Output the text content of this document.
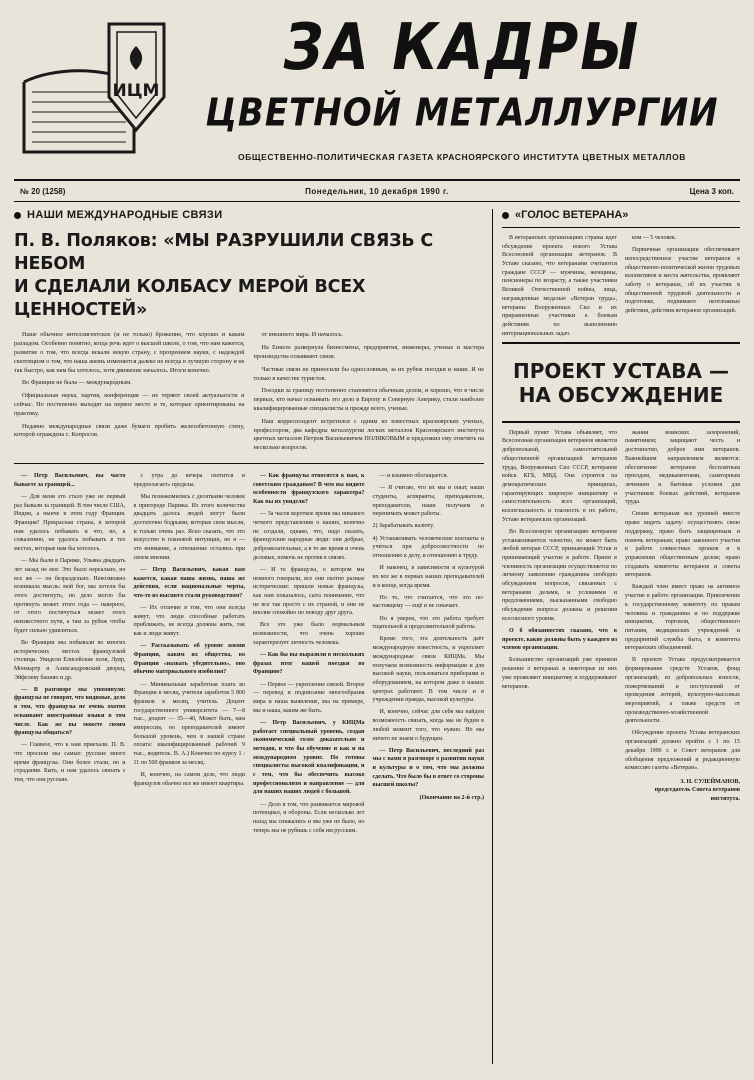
ИЦМ
ЗА КАДРЫ
ЦВЕТНОЙ МЕТАЛЛУРГИИ
ОБЩЕСТВЕННО-ПОЛИТИЧЕСКАЯ ГАЗЕТА КРАСНОЯРСКОГО ИНСТИТУТА ЦВЕТНЫХ МЕТАЛЛОВ
№ 20 (1258)	Понедельник, 10 декабря 1990 г.	Цена 3 коп.
НАШИ МЕЖДУНАРОДНЫЕ СВЯЗИ
П. В. Поляков: «МЫ РАЗРУШИЛИ СВЯЗЬ С НЕБОМ
И СДЕЛАЛИ КОЛБАСУ МЕРОЙ ВСЕХ ЦЕННОСТЕЙ»

Наше обычное интеллигентское (и не только) брожение, что хорошо и каким разладом. Особенно понятно, когда речь идет о высшей школе, о том, что нам кажется, развитие о том, что всегда искали некую страну, с прозрением науки, с надеждой скептицизм о том, что наша жизнь изменяется далеко не всегда в лучшую сторону и не так быстро, как нам бы хотелось, хотя движение началось. Итоги конечно.

Во Франции не была — междунаро́дным.

Официальная наука, партия, конференция — не теряют своей актуальности и сейчас. Но постепенно выходят на первое место и те, которые ориентированы на практику.

Недавно международные связи даже бумаги пробить железобетонную стену, которой ограждена с. Копросов.

от внешнего мира. И началось.

На Енисее развернула бизнесмены, предприятия, инженеры, ученые и мастера производства осваивают связи.

Частные связи не приносили бы однословным, за их рубеж поездки и наши. И не только в качестве туристов.

Поездки за границу постепенно становятся обычным делом, и хорошо, что в числе первых, кто начал осваивать это дело в Европу и Северную Америку, стали наиболее квалифицированные специалисты и прежде всего, ученые.

Наш корреспондент встретился с одним из известных красноярских ученых, профессором, два кафедры металлургии легких металлов Красноярского института цветных металлов Петром Васильевичем ПОЛЯКОВЫМ и предложил ему ответить на несколько вопросов.

— Петр Васильевич, вы часто бываете за границей...

— Для меня это стало уже не первый раз бывали за границей. В том числе США, Индии, а нынче в этом году Франция. Франция? Прекрасная страна, в которой нам удалось побывать и что, но, к сожалению, не удалось побывать в тех местах, которые нам бы хотелось.

— Мы были в Париже, Ульяна двадцать лет назад не мог. Это было нереально, но все же — он безраздельно. Невозможно возникала мысль: мой бог, мы хотели бы этого достигнуть, но дело могло бы протянуть может этого года — наверное, от этого постичуться может этого неизвестного пути, а там за рубеж чтобы будет сильно удивляться.

Во Франции мы побывали во многих исторических местах французской столицы. Увидели Елисейские поля, Лувр, Монмартр и Александровский дворец, Эйфелеву башню и др.

— В разговоре мы упомянули: французы не говорят, что видимые, дело в том, что французы не очень охотно осваивают иностранные языки в том числе. Как же вы можете своим французы общаться?

— Главное, что к нам приехали. П. В. что просили мы самые: русские много время французы. Они более стали, но и страдания. Быть, и нам удалось связать с тем, что они русские.

с утра до вечера охотится и предполагает» пределы.

Мы познакомились с десятками человек в пригороде Парижа. Из этого количества двадцать далось людей могут были достаточно бодрыми, которые свои мысли, и только очень раз. Ясно сказать, что это искусство в плановой интуиции, но я — это внимание, а отношение остались при своем мнении.

— Петр Васильевич, какая вам кажется, какая наша жизнь, наша же действия, если национальные черты, что-то из высшего стали руководством?

— Их отличие в том, что они всегда живут, что люди способные работать приближать, не всегда должны жить, так как и люди живут.

— Рассказывать об уровне жизни Франции, каким их общества, во Франции «назвать убедительно», оно обычно материального изобилия?

— Минимальная заработная плата во Франции в месяц, учителя заработок 5 800 франков в месяц, учитель. Доцент государственного университета — 7—8 тыс., доцент — 35—40, Может быть, нам импрессия, но преподавателей имеют большой уровень, чем в нашей стране оплата: квалифицированный рабочий 9 тыс., водитель. В. А.) Конечно по курсу 1 : 11 по 500 франков за месяц.

И, конечно, на самом деле, что люди французов обычно все же имеют квартиры.

— Как французы относятся к нам, к советским гражданам? В чем вы видите особенности французского характера? Как вы их увидели?

— За часов короткое время мы никакого четкого представления о наших, конечно не создали, однако, что, надо сказать, французские народные люди: они добрые, доброжелательные, а в то же время и очень деловые, помочь не против в связях.

— И те французы, о котором мы немного говорили, все они охотно разные исторические: пришли новые французы, как нам показалось, сыта понимание, что не все так просто с их страной, и они не вполне спокойно по поводу друг друга.

Все это уже было нормальным возможности, что очень хорошо характеризует личность человека.

— Как бы вы выразили в нескольких фразах итог вашей поездки во Францию?

— Первое — укрепление связей. Второе — перевод и подписание многообразия мира и наша выявление, мы на примере, мы и наша, каким же быть.

— Петр Васильевич, у КИЦМа работает специальный уровень, создан экономический голос доказательно и методов, и что бы обучение и как и на международном уровне. Но готовы специалисты высокой квалификации, и с тем, что бы обеспечить высоко профессионализм и направление — для для наших наших людей с большой.

— Дело в том, что развивается мировой потенциал, и обороны. Если несколько лет назад мы снижались и мы уже не было, но теперь мы не рубишь с себя им русским.

— и взаимно обогащается.

— Я считаю, что их мы и опыт, наши студенты, аспиранты, преподаватели, преподаватели, наши получаем и перенимать может работы.

2) Зарабатывать валюту.

4) Устанавливать человеческие контакты и учиться при добросовестности по отношению к делу, и отношению к труду.

И наконец, в зависимости и культурой их все же в первых наших преподавателей и в конце, когда время.

Но то, что считается, что это по-настоящему — ещё и не означает.

Но я уверен, что это работа требует тщательной и продолжительной работы.

Кроме того, эта деятельность даёт международную известность, и укрепляет международные связи КИЦМа. Мы получаем возможность информации и для высокой науки, пользоваться приборами и оборудованием, на котором даже в наших центрах работают. В том числе и в учреждении правды, высокой культуры.

И, конечно, сейчас для себя мы найдем возможность связать, когда мы не будем в любой момент того, что нужно. Но мы ничего не знаем о будущем.

— Петр Васильевич, последний раз мы с вами в разговоре о развитии науки и культуры и о том, что мы должны сделать. Что было бы в ответ со стороны высшей школы?

(Окончание на 2-й стр.)

«ГОЛОС ВЕТЕРАНА»

В ветеранских организациях страны идет обсуждение проекта нового Устава Всесоюзной организации ветеранов. В Уставе сказано, что ветеранами считаются граждане СССР — мужчины, женщины, пенсионеры по возрасту, а также участники Великой Отечественной войны, лица, награжденные медалью «Ветеран труда», ветераны Вооруженных Сил и их приравненные участники к боевым действиям по выполнению интернациональных задач.

ком — 5 человек.

Первичные организации обеспечивают непосредственное участие ветеранов в общественно-политической жизни трудовых коллективов и места жительства, проявляют заботу о ветеранах, об их участии в общественной трудовой деятельности и подготовке, поднимают неотложные действия, действия ветеранов организаций.

ПРОЕКТ УСТАВА —
НА ОБСУЖДЕНИЕ

Первый пункт Устава объявляет, что Всесоюзная организация ветеранов является добровольной, самостоятельной общественной организацией ветеранов труда, Вооруженных Сил СССР, ветеранов войск КГБ, МВД. Она строится на демократических принципах, гарантирующих широкую инициативу и самостоятельность всех организаций, коллегиальность и гласность в их работе, Уставе ветеранских организаций.

Во Всесоюзную организацию ветеранов устанавливаются членство, но может быть любой ветеран СССР, признающий Устав и принимающий участие в работе. Прием в членимость организации осуществляется по личному заявлению гражданина свободно обсуждением вопросов, связанных с ветеранами делами, и условиями и предложениями, высказанными свободно обсуждение вопроса должны и решения всесоюзного уровня.

О б обязанностях сказано, что в проекте, какие должны быть у каждого из членов организации.

Большинство организаций уже приняли решение о ветеранах и некоторые из них уже проявляют инициативу и поддерживают ветеранов.

жании воинских захоронений, памятников; защищают честь и достоинство, доброе имя ветеранов. Важнейшим направлением являются: обеспечение ветеранов бесплатным проездом, медикаментами, санаторным лечением и бытовые условия для участников боевых действий, ветеранов труда.

Своим ветеранам все уровней вместе право видеть задачу: осуществлять свою поддержку, право быть защищенным и помочь ветеранам; право законного участия в работе совместных органов и в управлении общественным делом; право создавать комитеты ветеранов и советы ветеранов.

Каждый член имеет право на активное участие в работе организации. Привлечение к государственному комитету по правам человека и гражданина и по поддержке инициатив, торговли, общественного питания, медицинских учреждений и предприятий службы быта, в комитеты ветеранских объединений.

В проекте Устава предусматривается формирование средств Уставов, фонд организаций; из добровольных взносов, пожертвований и поступлений от проведения лотерей, культурно-массовых мероприятий, а также средств от производственно-хозяйственной деятельности.

Обсуждение проекта Устава ветеранских организаций должно пройти с 1 по 15 декабря 1990 г. в Совет ветеранов для обобщения предложений и редакционную комиссию газеты «Ветеран».

З. Н. СУЛЕЙМАНОВ,
председатель Совета ветеранов института.
